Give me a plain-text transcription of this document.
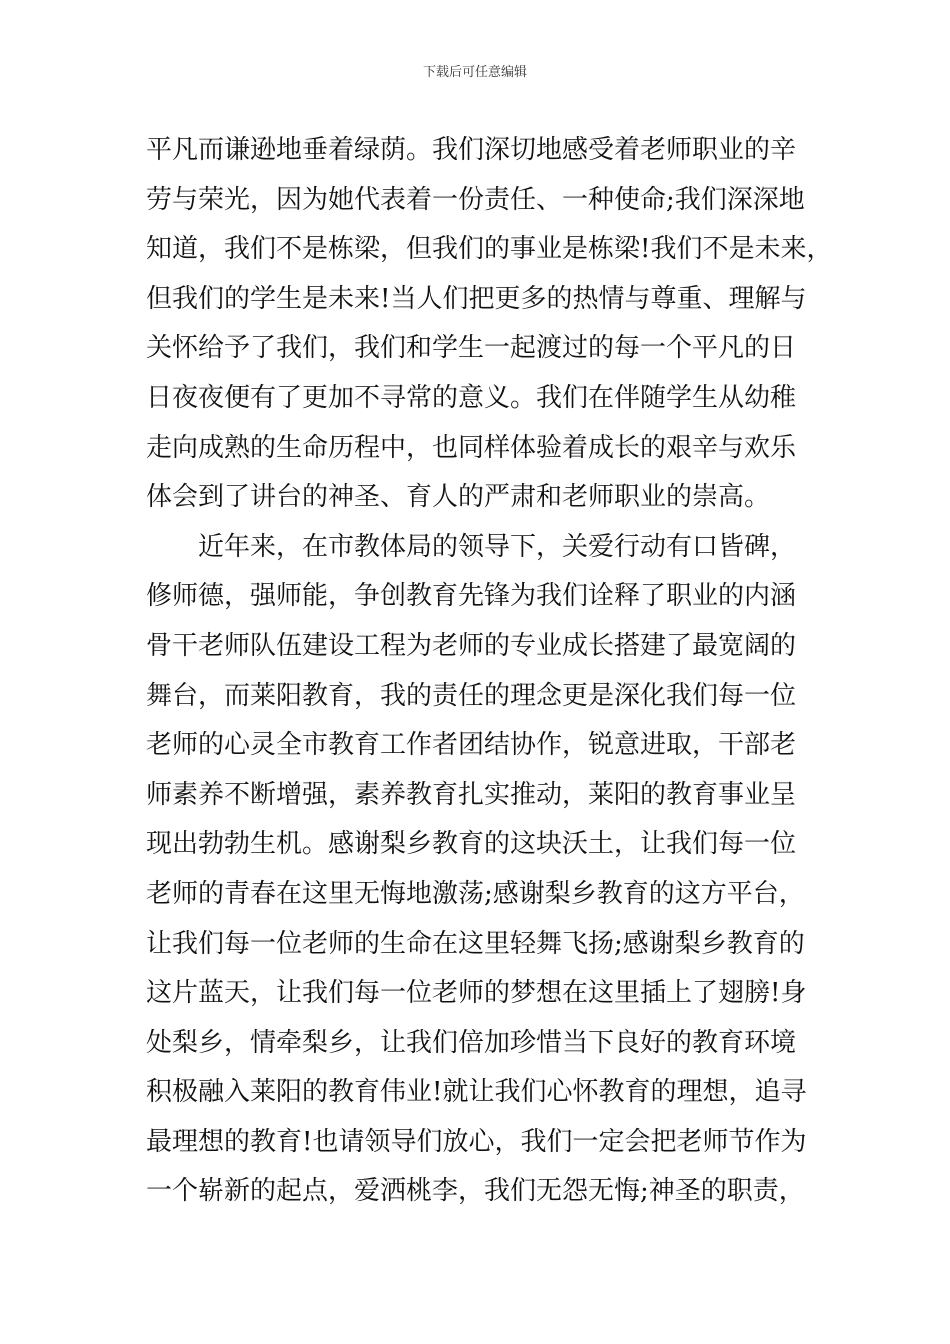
下载后可任意编辑
平凡而谦逊地垂着绿荫。我们深切地感受着老师职业的辛
劳与荣光，因为她代表着一份责任、一种使命;我们深深地
知道，我们不是栋梁，但我们的事业是栋梁!我们不是未来，
但我们的学生是未来!当人们把更多的热情与尊重、理解与
关怀给予了我们，我们和学生一起渡过的每一个平凡的日
日夜夜便有了更加不寻常的意义。我们在伴随学生从幼稚
走向成熟的生命历程中，也同样体验着成长的艰辛与欢乐
体会到了讲台的神圣、育人的严肃和老师职业的崇高。
　　近年来，在市教体局的领导下，关爱行动有口皆碑，
修师德，强师能，争创教育先锋为我们诠释了职业的内涵
骨干老师队伍建设工程为老师的专业成长搭建了最宽阔的
舞台，而莱阳教育，我的责任的理念更是深化我们每一位
老师的心灵全市教育工作者团结协作，锐意进取，干部老
师素养不断增强，素养教育扎实推动，莱阳的教育事业呈
现出勃勃生机。感谢梨乡教育的这块沃土，让我们每一位
老师的青春在这里无悔地激荡;感谢梨乡教育的这方平台，
让我们每一位老师的生命在这里轻舞飞扬;感谢梨乡教育的
这片蓝天，让我们每一位老师的梦想在这里插上了翅膀!身
处梨乡，情牵梨乡，让我们倍加珍惜当下良好的教育环境
积极融入莱阳的教育伟业!就让我们心怀教育的理想，追寻
最理想的教育!也请领导们放心，我们一定会把老师节作为
一个崭新的起点，爱洒桃李，我们无怨无悔;神圣的职责，
